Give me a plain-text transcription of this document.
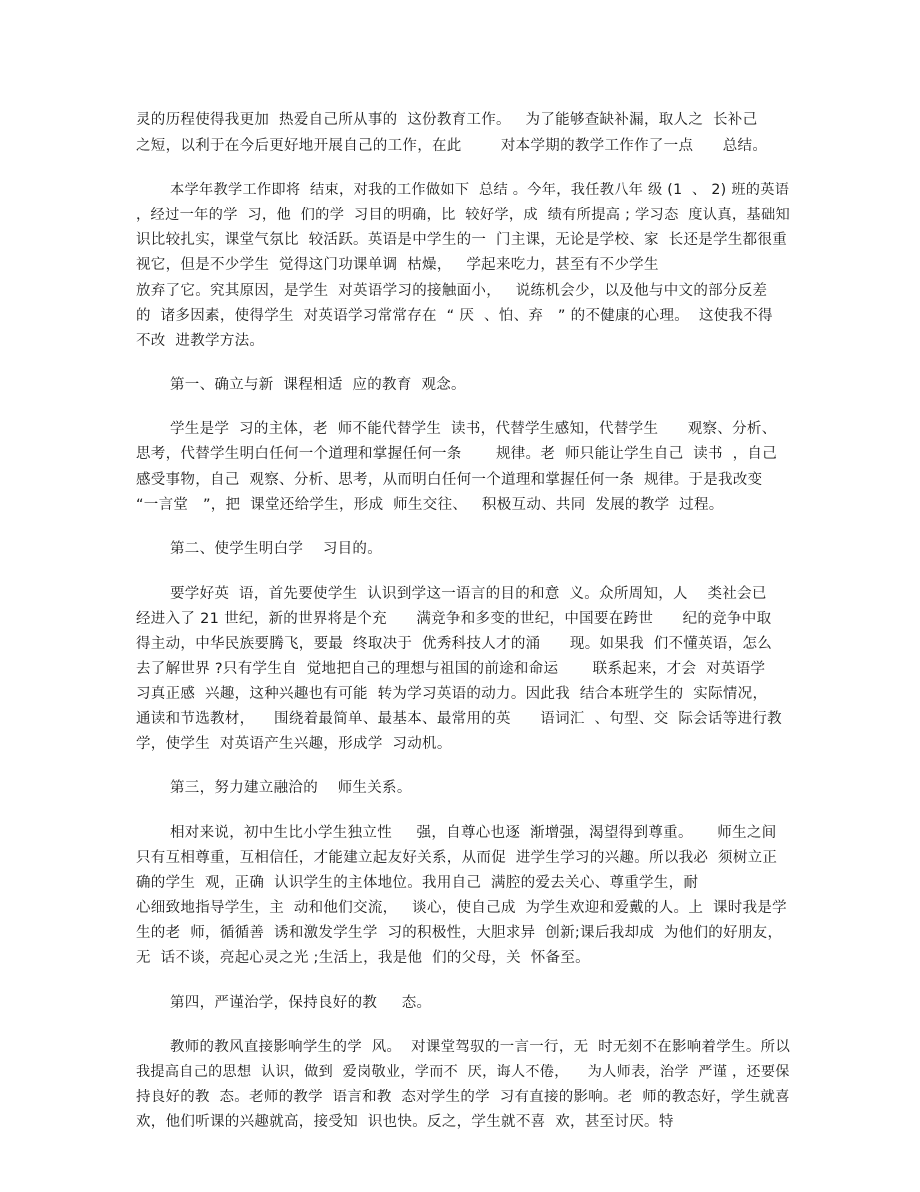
灵的历程使得我更加  热爱自己所从事的  这份教育工作。   为了能够查缺补漏，取人之  长补己
之短，以利于在今后更好地开展自己的工作，在此        对本学期的教学工作作了一点      总结。
本学年教学工作即将  结束，对我的工作做如下  总结 。今年，我任教八年 级 (1  、 2) 班的英语
，经过一年的学  习，他  们的学  习目的明确，比  较好学，成  绩有所提高 ; 学习态  度认真，基础知
识比较扎实，课堂气氛比  较活跃。英语是中学生的一  门主课，无论是学校、家  长还是学生都很重
视它，但是不少学生  觉得这门功课单调  枯燥，   学起来吃力，甚至有不少学生
放弃了它。究其原因，是学生  对英语学习的接触面小，   说练机会少，以及他与中文的部分反差
的  诸多因素，使得学生  对英语学习常常存在  “ 厌  、怕、弃   ” 的不健康的心理。  这使我不得
不改  进教学方法。
第一、确立与新  课程相适  应的教育  观念。
学生是学  习的主体，老  师不能代替学生  读书，代替学生感知，代替学生      观察、分析、
思考，代替学生明白任何一个道理和掌握任何一条       规律。老  师只能让学生自己  读书  ，自己
感受事物，自己  观察、分析、思考，从而明白任何一个道理和掌握任何一条  规律。于是我改变
“一言堂   ”，把  课堂还给学生，形成  师生交往、   积极互动、共同  发展的教学  过程。
第二、使学生明白学    习目的。
要学好英  语，首先要使学生  认识到学这一语言的目的和意  义。众所周知，人    类社会已
经进入了 21 世纪，新的世界将是个充      满竞争和多变的世纪，中国要在跨世      纪的竞争中取
得主动，中华民族要腾飞，要最  终取决于  优秀科技人才的涌      现。如果我  们不懂英语，怎么
去了解世界 ?只有学生自  觉地把自己的理想与祖国的前途和命运       联系起来，才会  对英语学
习真正感  兴趣，这种兴趣也有可能  转为学习英语的动力。因此我  结合本班学生的  实际情况，
通读和节选教材，    围绕着最简单、最基本、最常用的英      语词汇  、句型、交  际会话等进行教
学，使学生  对英语产生兴趣，形成学  习动机。
第三，努力建立融洽的    师生关系。
相对来说，初中生比小学生独立性     强，自尊心也逐  渐增强，渴望得到尊重。     师生之间
只有互相尊重，互相信任，才能建立起友好关系，从而促  进学生学习的兴趣。所以我必  须树立正
确的学生  观，正确  认识学生的主体地位。我用自己  满腔的爱去关心、尊重学生，耐
心细致地指导学生，主  动和他们交流，   谈心，使自己成  为学生欢迎和爱戴的人。上  课时我是学
生的老  师，循循善  诱和激发学生学  习的积极性，大胆求异  创新;课后我却成  为他们的好朋友，
无  话不谈，亮起心灵之光 ;生活上，我是他  们的父母，关  怀备至。
第四，严谨治学，保持良好的教     态。
教师的教风直接影响学生的学  风。  对课堂驾驭的一言一行，无  时无刻不在影响着学生。所以
我提高自己的思想  认识，做到  爱岗敬业，学而不  厌，诲人不倦，    为人师表，治学  严谨 ，还要保
持良好的教  态。老师的教学  语言和教  态对学生的学  习有直接的影响。老  师的教态好，学生就喜
欢，他们听课的兴趣就高，接受知  识也快。反之，学生就不喜  欢，甚至讨厌。特
